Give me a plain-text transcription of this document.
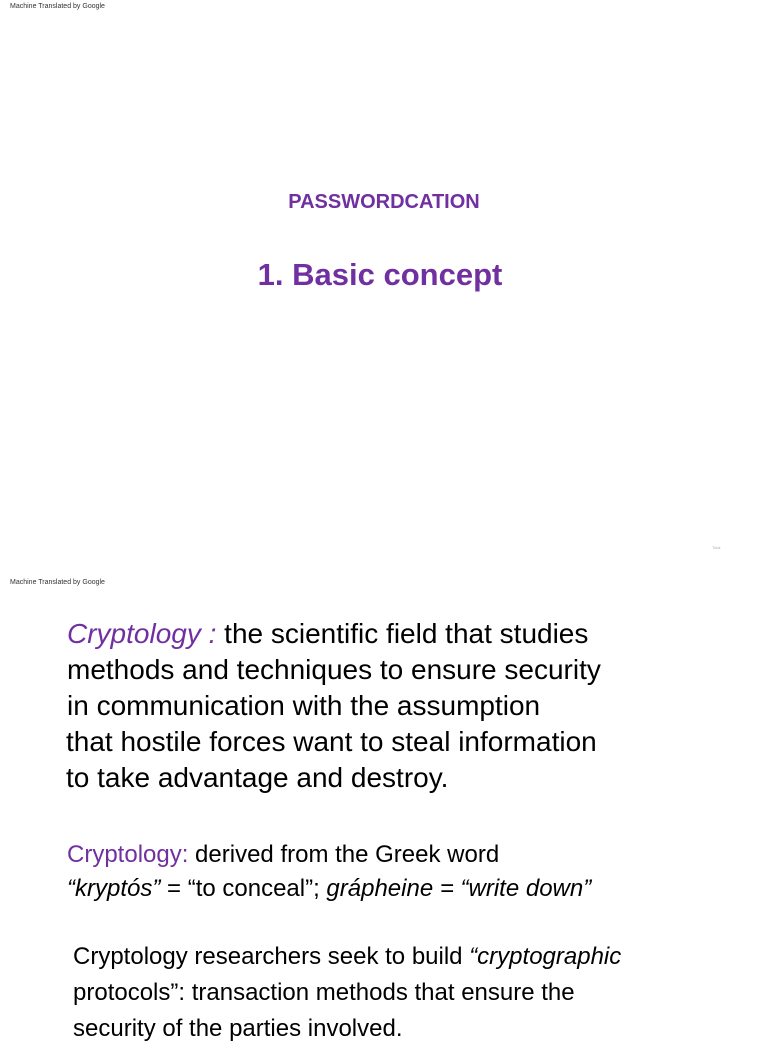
Machine Translated by Google
PASSWORDCATION
1. Basic concept
Total
Machine Translated by Google
Cryptology : the scientific field that studies
methods and techniques to ensure security
in communication with the assumption
that hostile forces want to steal information
to take advantage and destroy.
Cryptology: derived from the Greek word
“kryptós” = “to conceal”; grápheine = “write down”
Cryptology researchers seek to build “cryptographic
protocols”: transaction methods that ensure the
security of the parties involved.
